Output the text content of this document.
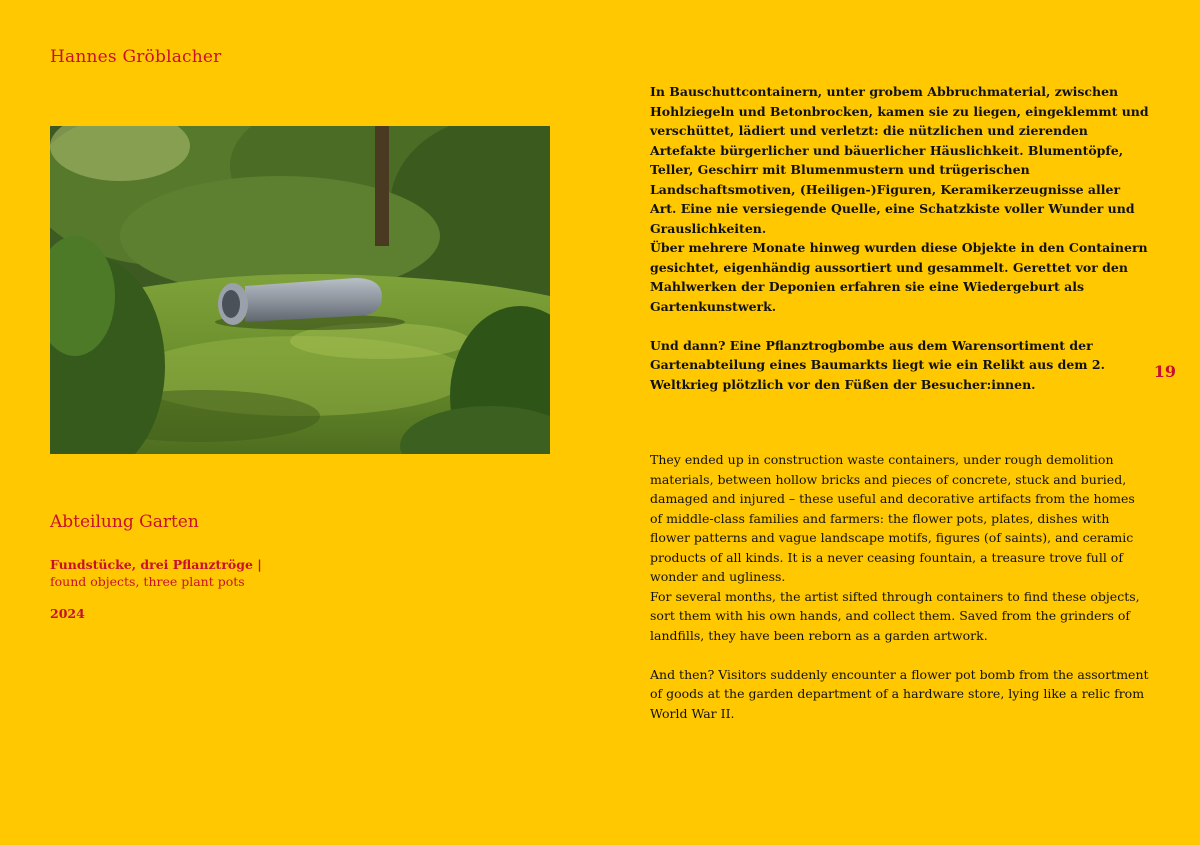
Hannes Gröblacher
Abteilung Garten
Fundstücke, drei Pflanztröge |
found objects, three plant pots
2024

In Bauschuttcontainern, unter grobem Abbruchmaterial, zwischen Hohlziegeln und Betonbrocken, kamen sie zu liegen, eingeklemmt und verschüttet, lädiert und verletzt: die nützlichen und zierenden Artefakte bürgerlicher und bäuerlicher Häuslichkeit. Blumentöpfe, Teller, Geschirr mit Blumenmustern und trügerischen Landschaftsmotiven, (Heiligen-)Figuren, Keramikerzeugnisse aller Art. Eine nie versiegende Quelle, eine Schatzkiste voller Wunder und Grauslichkeiten.

Über mehrere Monate hinweg wurden diese Objekte in den Containern gesichtet, eigenhändig aussortiert und gesammelt. Gerettet vor den Mahlwerken der Deponien erfahren sie eine Wiedergeburt als Gartenkunstwerk.

Und dann? Eine Pflanztrogbombe aus dem Warensortiment der Gartenabteilung eines Baumarkts liegt wie ein Relikt aus dem 2. Weltkrieg plötzlich vor den Füßen der Besucher:innen.

19

They ended up in construction waste containers, under rough demolition materials, between hollow bricks and pieces of concrete, stuck and buried, damaged and injured – these useful and decorative artifacts from the homes of middle-class families and farmers: the flower pots, plates, dishes with flower patterns and vague landscape motifs, figures (of saints), and ceramic products of all kinds. It is a never ceasing fountain, a treasure trove full of wonder and ugliness.

For several months, the artist sifted through containers to find these objects, sort them with his own hands, and collect them. Saved from the grinders of landfills, they have been reborn as a garden artwork.

And then? Visitors suddenly encounter a flower pot bomb from the assortment of goods at the garden department of a hardware store, lying like a relic from World War II.
